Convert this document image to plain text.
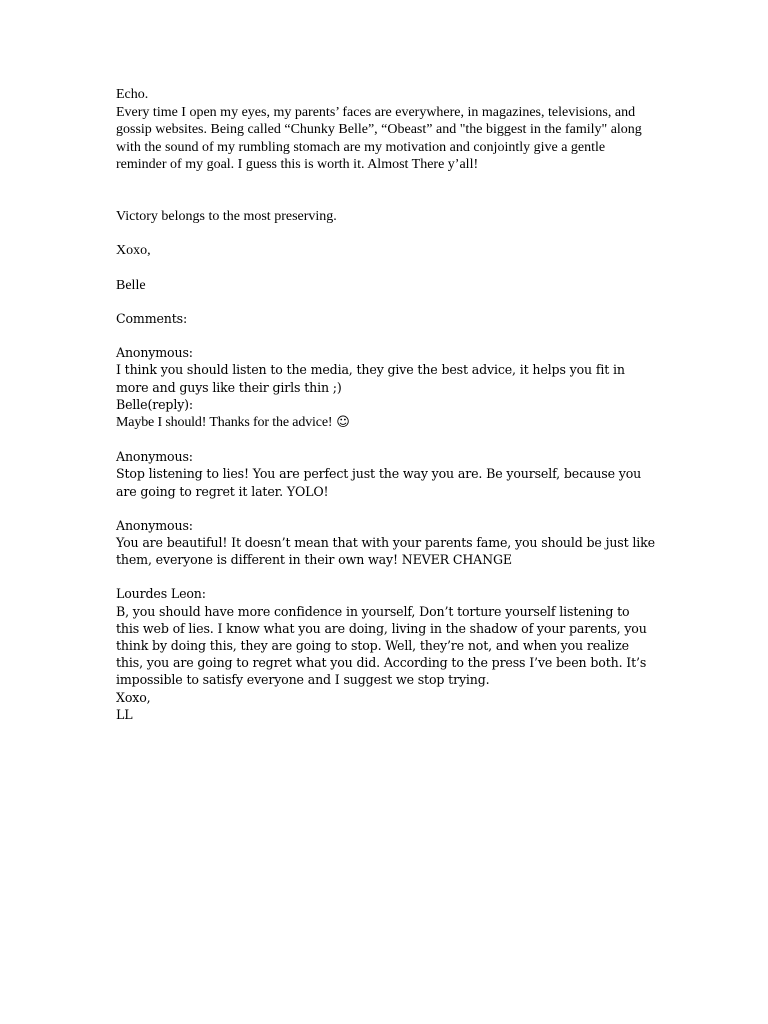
Echo.

Every time I open my eyes, my parents’ faces are everywhere, in magazines, televisions, and gossip websites. Being called “Chunky Belle”, “Obeast” and "the biggest in the family" along with the sound of my rumbling stomach are my motivation and conjointly give a gentle reminder of my goal. I guess this is worth it. Almost There y’all!

Victory belongs to the most preserving.

Xoxo,

Belle

Comments:

Anonymous:

I think you should listen to the media, they give the best advice, it helps you fit in more and guys like their girls thin ;)

Belle(reply):

Maybe I should! Thanks for the advice! ☺

Anonymous:

Stop listening to lies! You are perfect just the way you are. Be yourself, because you are going to regret it later. YOLO!

Anonymous:

You are beautiful! It doesn’t mean that with your parents fame, you should be just like them, everyone is different in their own way! NEVER CHANGE

Lourdes Leon:

B, you should have more confidence in yourself, Don’t torture yourself listening to this web of lies. I know what you are doing, living in the shadow of your parents, you think by doing this, they are going to stop. Well, they’re not, and when you realize this, you are going to regret what you did. According to the press I’ve been both. It’s impossible to satisfy everyone and I suggest we stop trying.

Xoxo,

LL
